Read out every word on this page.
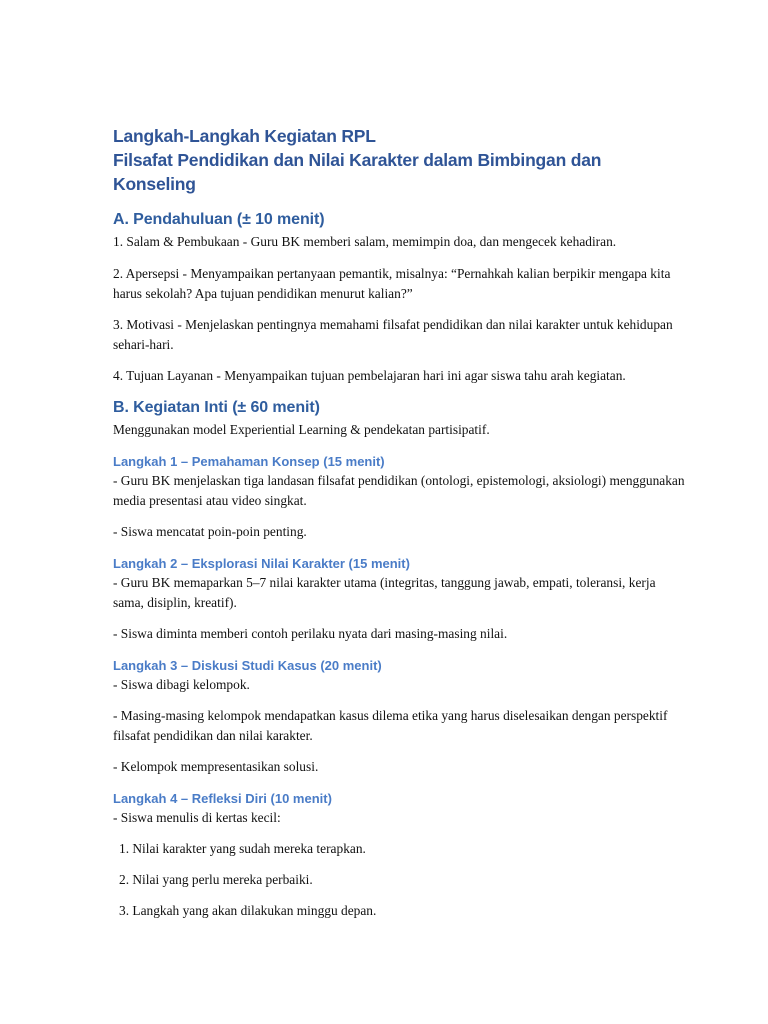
Langkah-Langkah Kegiatan RPL
Filsafat Pendidikan dan Nilai Karakter dalam Bimbingan dan Konseling
A. Pendahuluan (± 10 menit)

1. Salam & Pembukaan - Guru BK memberi salam, memimpin doa, dan mengecek kehadiran.

2. Apersepsi - Menyampaikan pertanyaan pemantik, misalnya: “Pernahkah kalian berpikir mengapa kita harus sekolah? Apa tujuan pendidikan menurut kalian?”

3. Motivasi - Menjelaskan pentingnya memahami filsafat pendidikan dan nilai karakter untuk kehidupan sehari-hari.

4. Tujuan Layanan - Menyampaikan tujuan pembelajaran hari ini agar siswa tahu arah kegiatan.

B. Kegiatan Inti (± 60 menit)

Menggunakan model Experiential Learning & pendekatan partisipatif.

Langkah 1 – Pemahaman Konsep (15 menit)

- Guru BK menjelaskan tiga landasan filsafat pendidikan (ontologi, epistemologi, aksiologi) menggunakan media presentasi atau video singkat.

- Siswa mencatat poin-poin penting.

Langkah 2 – Eksplorasi Nilai Karakter (15 menit)

- Guru BK memaparkan 5–7 nilai karakter utama (integritas, tanggung jawab, empati, toleransi, kerja sama, disiplin, kreatif).

- Siswa diminta memberi contoh perilaku nyata dari masing-masing nilai.

Langkah 3 – Diskusi Studi Kasus (20 menit)

- Siswa dibagi kelompok.

- Masing-masing kelompok mendapatkan kasus dilema etika yang harus diselesaikan dengan perspektif filsafat pendidikan dan nilai karakter.

- Kelompok mempresentasikan solusi.

Langkah 4 – Refleksi Diri (10 menit)

- Siswa menulis di kertas kecil:

1. Nilai karakter yang sudah mereka terapkan.

2. Nilai yang perlu mereka perbaiki.

3. Langkah yang akan dilakukan minggu depan.
